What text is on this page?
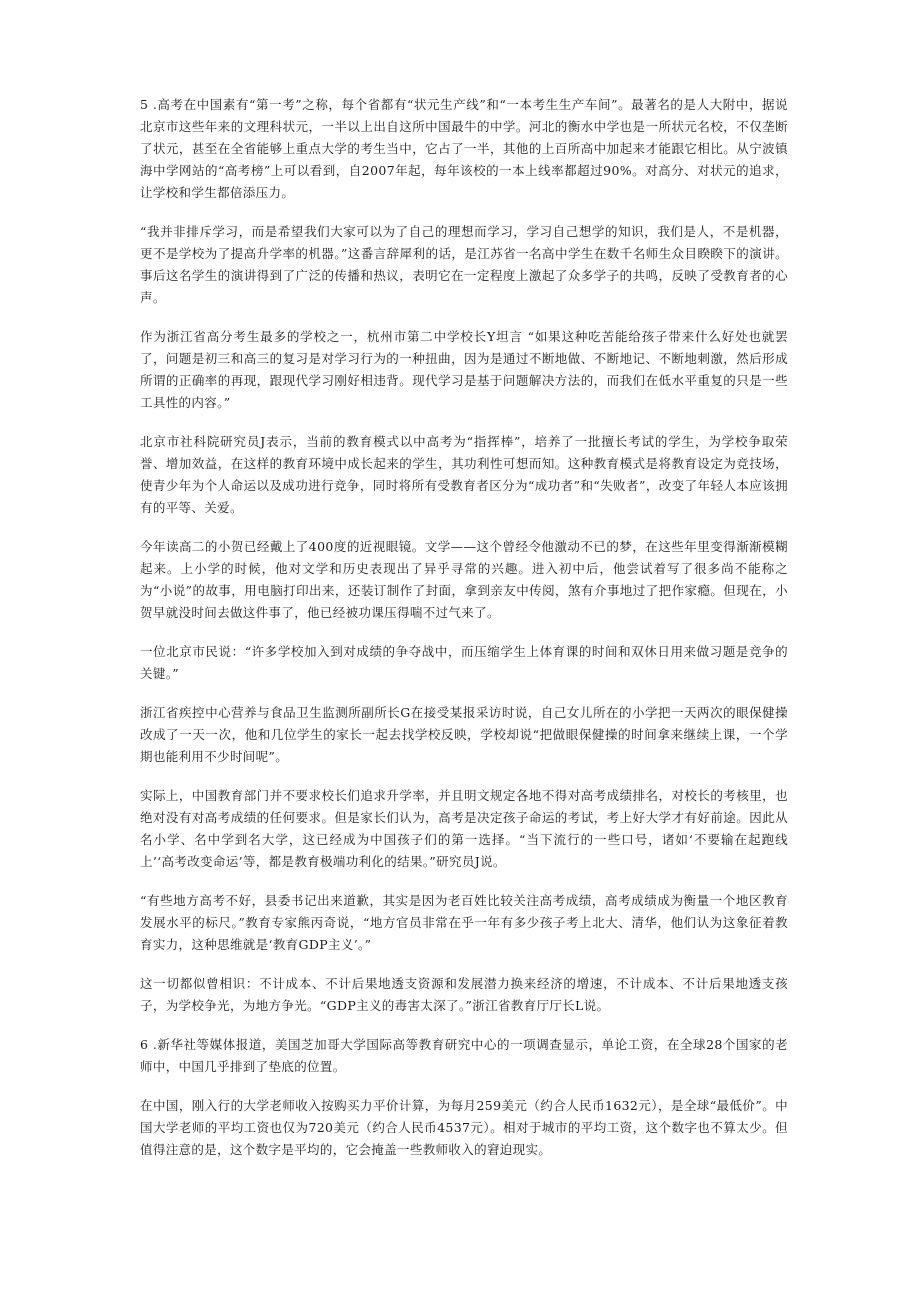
5 .高考在中国素有“第一考”之称，每个省都有“状元生产线”和“一本考生生产车间”。最著名的是人大附中，据说北京市这些年来的文理科状元，一半以上出自这所中国最牛的中学。河北的衡水中学也是一所状元名校，不仅垄断了状元，甚至在全省能够上重点大学的考生当中，它占了一半，其他的上百所高中加起来才能跟它相比。从宁波镇海中学网站的“高考榜”上可以看到，自2007年起，每年该校的一本上线率都超过90%。对高分、对状元的追求，让学校和学生都倍添压力。

“我并非排斥学习，而是希望我们大家可以为了自己的理想而学习，学习自己想学的知识，我们是人，不是机器，更不是学校为了提高升学率的机器。”这番言辞犀利的话，是江苏省一名高中学生在数千名师生众目睽睽下的演讲。事后这名学生的演讲得到了广泛的传播和热议，表明它在一定程度上激起了众多学子的共鸣，反映了受教育者的心声。

作为浙江省高分考生最多的学校之一，杭州市第二中学校长Y坦言 “如果这种吃苦能给孩子带来什么好处也就罢了，问题是初三和高三的复习是对学习行为的一种扭曲，因为是通过不断地做、不断地记、不断地刺激，然后形成所谓的正确率的再现，跟现代学习刚好相违背。现代学习是基于问题解决方法的，而我们在低水平重复的只是一些工具性的内容。”

北京市社科院研究员J表示，当前的教育模式以中高考为“指挥棒”，培养了一批擅长考试的学生，为学校争取荣誉、增加效益，在这样的教育环境中成长起来的学生，其功利性可想而知。这种教育模式是将教育设定为竞技场，使青少年为个人命运以及成功进行竞争，同时将所有受教育者区分为“成功者”和“失败者”，改变了年轻人本应该拥有的平等、关爱。

今年读高二的小贺已经戴上了400度的近视眼镜。文学——这个曾经令他激动不已的梦，在这些年里变得渐渐模糊起来。上小学的时候，他对文学和历史表现出了异乎寻常的兴趣。进入初中后，他尝试着写了很多尚不能称之为“小说”的故事，用电脑打印出来，还装订制作了封面，拿到亲友中传阅，煞有介事地过了把作家瘾。但现在，小贺早就没时间去做这件事了，他已经被功课压得喘不过气来了。

一位北京市民说：“许多学校加入到对成绩的争夺战中，而压缩学生上体育课的时间和双休日用来做习题是竞争的关键。”

浙江省疾控中心营养与食品卫生监测所副所长G在接受某报采访时说，自己女儿所在的小学把一天两次的眼保健操改成了一天一次，他和几位学生的家长一起去找学校反映，学校却说“把做眼保健操的时间拿来继续上课，一个学期也能利用不少时间呢”。

实际上，中国教育部门并不要求校长们追求升学率，并且明文规定各地不得对高考成绩排名，对校长的考核里，也绝对没有对高考成绩的任何要求。但是家长们认为，高考是决定孩子命运的考试，考上好大学才有好前途。因此从名小学、名中学到名大学，这已经成为中国孩子们的第一选择。“当下流行的一些口号，诸如‘不要输在起跑线上’‘高考改变命运’等，都是教育极端功利化的结果。”研究员J说。

“有些地方高考不好，县委书记出来道歉，其实是因为老百姓比较关注高考成绩，高考成绩成为衡量一个地区教育发展水平的标尺。”教育专家熊丙奇说，“地方官员非常在乎一年有多少孩子考上北大、清华，他们认为这象征着教育实力，这种思维就是‘教育GDP主义’。”

这一切都似曾相识：不计成本、不计后果地透支资源和发展潜力换来经济的增速，不计成本、不计后果地透支孩子，为学校争光，为地方争光。“GDP主义的毒害太深了。”浙江省教育厅厅长L说。

6 .新华社等媒体报道，美国芝加哥大学国际高等教育研究中心的一项调查显示，单论工资，在全球28个国家的老师中，中国几乎排到了垫底的位置。

在中国，刚入行的大学老师收入按购买力平价计算，为每月259美元（约合人民币1632元），是全球“最低价”。中国大学老师的平均工资也仅为720美元（约合人民币4537元）。相对于城市的平均工资，这个数字也不算太少。但值得注意的是，这个数字是平均的，它会掩盖一些教师收入的窘迫现实。
